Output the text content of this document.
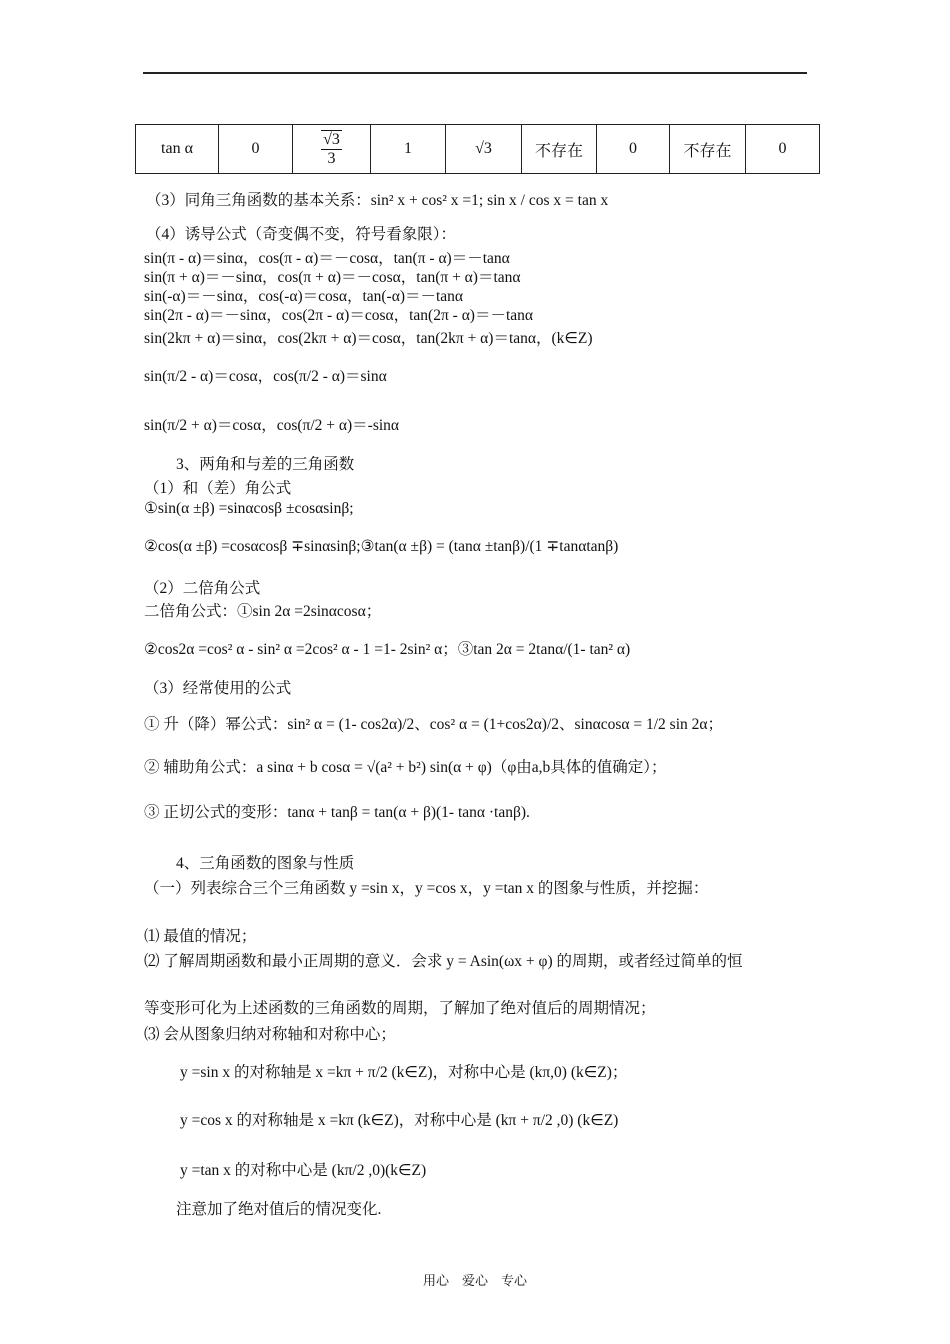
tan α	0	$\frac{√3}{3}$	1	√3	不存在	0	不存在	0
（3）同角三角函数的基本关系：sin² x + cos² x =1; sin x / cos x = tan x
（4）诱导公式（奇变偶不变，符号看象限）：
sin(π - α)＝sinα，cos(π - α)＝－cosα，tan(π - α)＝－tanα
sin(π + α)＝－sinα，cos(π + α)＝－cosα，tan(π + α)＝tanα
sin(-α)＝－sinα，cos(-α)＝cosα，tan(-α)＝－tanα
sin(2π - α)＝－sinα，cos(2π - α)＝cosα，tan(2π - α)＝－tanα
sin(2kπ + α)＝sinα，cos(2kπ + α)＝cosα，tan(2kπ + α)＝tanα，(k∈Z)
sin(π/2 - α)＝cosα，cos(π/2 - α)＝sinα
sin(π/2 + α)＝cosα，cos(π/2 + α)＝-sinα
3、两角和与差的三角函数
（1）和（差）角公式
①sin(α ±β) =sinαcosβ ±cosαsinβ;
②cos(α ±β) =cosαcosβ ∓sinαsinβ;③tan(α ±β) = (tanα ±tanβ)/(1 ∓tanαtanβ)
（2）二倍角公式
二倍角公式：①sin 2α =2sinαcosα；
②cos2α =cos² α - sin² α =2cos² α - 1 =1- 2sin² α；③tan 2α = 2tanα/(1- tan² α)
（3）经常使用的公式
① 升（降）幂公式：sin² α = (1- cos2α)/2、cos² α = (1+cos2α)/2、sinαcosα = 1/2 sin 2α；
② 辅助角公式：a sinα + b cosα = √(a² + b²) sin(α + φ)（φ由a,b具体的值确定）；
③ 正切公式的变形：tanα + tanβ = tan(α + β)(1- tanα ·tanβ).
4、三角函数的图象与性质
（一）列表综合三个三角函数 y =sin x，y =cos x，y =tan x 的图象与性质，并挖掘：
⑴ 最值的情况；
⑵ 了解周期函数和最小正周期的意义．会求 y = Asin(ωx + φ) 的周期，或者经过简单的恒
等变形可化为上述函数的三角函数的周期，了解加了绝对值后的周期情况；
⑶ 会从图象归纳对称轴和对称中心；
y =sin x 的对称轴是 x =kπ + π/2 (k∈Z)，对称中心是 (kπ,0) (k∈Z)；
y =cos x 的对称轴是 x =kπ (k∈Z)，对称中心是 (kπ + π/2 ,0) (k∈Z)
y =tan x 的对称中心是 (kπ/2 ,0)(k∈Z)
注意加了绝对值后的情况变化.
用心　爱心　专心
